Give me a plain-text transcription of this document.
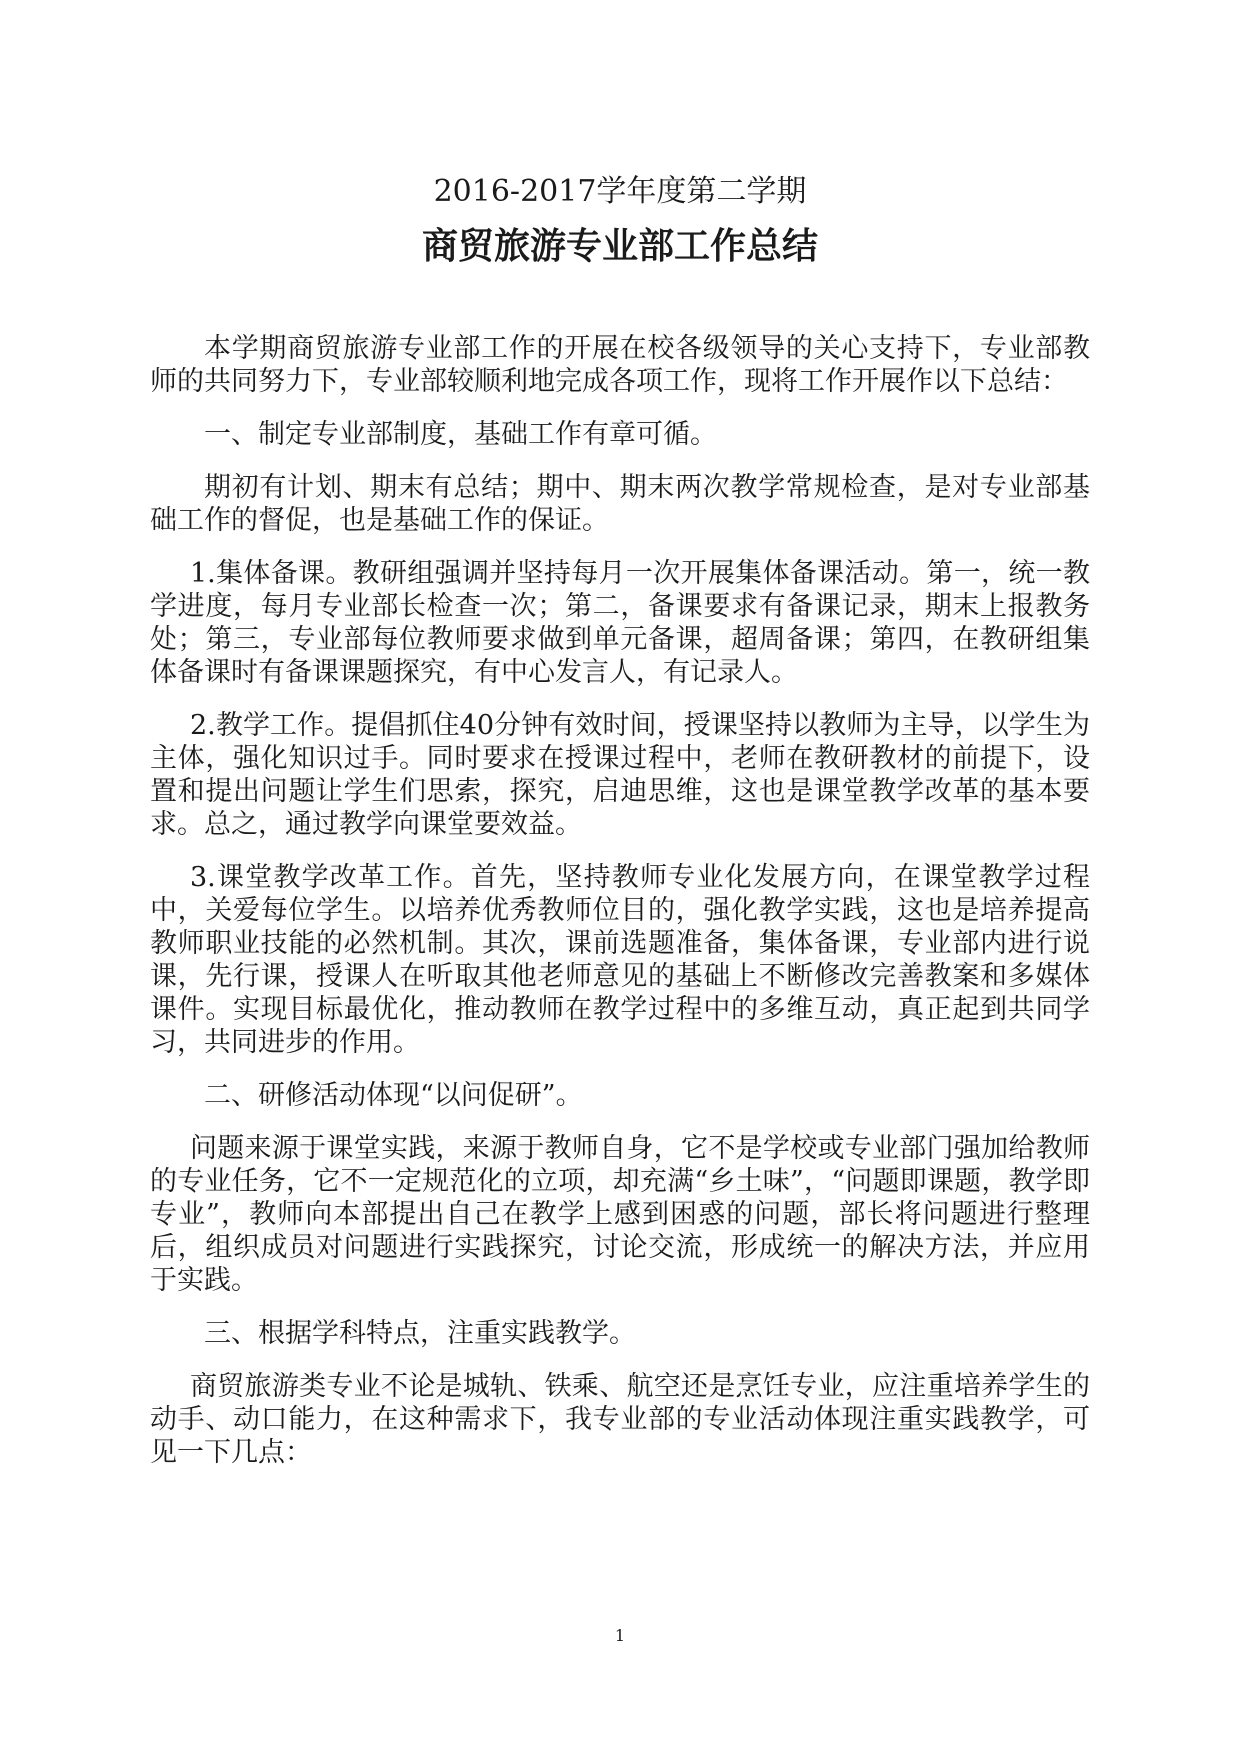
2016-2017学年度第二学期
商贸旅游专业部工作总结

本学期商贸旅游专业部工作的开展在校各级领导的关心支持下，专业部教师的共同努力下，专业部较顺利地完成各项工作，现将工作开展作以下总结：

一、制定专业部制度，基础工作有章可循。

期初有计划、期末有总结；期中、期末两次教学常规检查，是对专业部基础工作的督促，也是基础工作的保证。

1.集体备课。教研组强调并坚持每月一次开展集体备课活动。第一，统一教学进度，每月专业部长检查一次；第二，备课要求有备课记录，期末上报教务处；第三，专业部每位教师要求做到单元备课，超周备课；第四，在教研组集体备课时有备课课题探究，有中心发言人，有记录人。

2.教学工作。提倡抓住40分钟有效时间，授课坚持以教师为主导，以学生为主体，强化知识过手。同时要求在授课过程中，老师在教研教材的前提下，设置和提出问题让学生们思索，探究，启迪思维，这也是课堂教学改革的基本要求。总之，通过教学向课堂要效益。

3.课堂教学改革工作。首先，坚持教师专业化发展方向，在课堂教学过程中，关爱每位学生。以培养优秀教师位目的，强化教学实践，这也是培养提高教师职业技能的必然机制。其次，课前选题准备，集体备课，专业部内进行说课，先行课，授课人在听取其他老师意见的基础上不断修改完善教案和多媒体课件。实现目标最优化，推动教师在教学过程中的多维互动，真正起到共同学习，共同进步的作用。

二、研修活动体现“以问促研”。

问题来源于课堂实践，来源于教师自身，它不是学校或专业部门强加给教师的专业任务，它不一定规范化的立项，却充满“乡土味”，“问题即课题，教学即专业”，教师向本部提出自己在教学上感到困惑的问题，部长将问题进行整理后，组织成员对问题进行实践探究，讨论交流，形成统一的解决方法，并应用于实践。

三、根据学科特点，注重实践教学。

商贸旅游类专业不论是城轨、铁乘、航空还是烹饪专业，应注重培养学生的动手、动口能力，在这种需求下，我专业部的专业活动体现注重实践教学，可见一下几点：

1
